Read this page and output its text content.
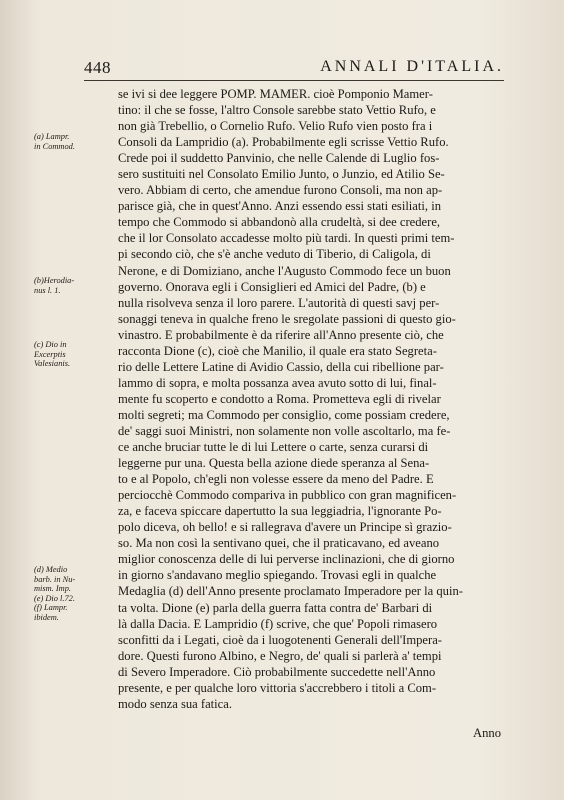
448	ANNALI D'ITALIA.
(a) Lampr.
in Commod.
(b)Herodia-
nus l. 1.
(c) Dio in
Excerptis
Valesianis.
(d) Medio
barb. in Nu-
mism. Imp.
(e) Dio l.72.
(f) Lampr.
ibidem.
se ivi si dee leggere POMP. MAMER. cioè Pomponio Mamer-
tino: il che se fosse, l'altro Console sarebbe stato Vettio Rufo, e
non già Trebellio, o Cornelio Rufo. Velio Rufo vien posto fra i
Consoli da Lampridio (a). Probabilmente egli scrisse Vettio Rufo.
Crede poi il suddetto Panvinio, che nelle Calende di Luglio fos-
sero sustituiti nel Consolato Emilio Junto, o Junzio, ed Atilio Se-
vero. Abbiam di certo, che amendue furono Consoli, ma non ap-
parisce già, che in quest'Anno. Anzi essendo essi stati esiliati, in
tempo che Commodo si abbandonò alla crudeltà, si dee credere,
che il lor Consolato accadesse molto più tardi. In questi primi tem-
pi secondo ciò, che s'è anche veduto di Tiberio, di Caligola, di
Nerone, e di Domiziano, anche l'Augusto Commodo fece un buon
governo. Onorava egli i Consiglieri ed Amici del Padre, (b) e
nulla risolveva senza il loro parere. L'autorità di questi savj per-
sonaggi teneva in qualche freno le sregolate passioni di questo gio-
vinastro. E probabilmente è da riferire all'Anno presente ciò, che
racconta Dione (c), cioè che Manilio, il quale era stato Segreta-
rio delle Lettere Latine di Avidio Cassio, della cui ribellione par-
lammo di sopra, e molta possanza avea avuto sotto di lui, final-
mente fu scoperto e condotto a Roma. Prometteva egli di rivelar
molti segreti; ma Commodo per consiglio, come possiam credere,
de' saggi suoi Ministri, non solamente non volle ascoltarlo, ma fe-
ce anche bruciar tutte le di lui Lettere o carte, senza curarsi di
leggerne pur una. Questa bella azione diede speranza al Sena-
to e al Popolo, ch'egli non volesse essere da meno del Padre. E
perciocchè Commodo compariva in pubblico con gran magnificen-
za, e faceva spiccare dapertutto la sua leggiadria, l'ignorante Po-
polo diceva, oh bello! e si rallegrava d'avere un Principe sì grazio-
so. Ma non così la sentivano quei, che il praticavano, ed aveano
miglior conoscenza delle di lui perverse inclinazioni, che di giorno
in giorno s'andavano meglio spiegando. Trovasi egli in qualche
Medaglia (d) dell'Anno presente proclamato Imperadore per la quin-
ta volta. Dione (e) parla della guerra fatta contra de' Barbari di
là dalla Dacia. E Lampridio (f) scrive, che que' Popoli rimasero
sconfitti da i Legati, cioè da i luogotenenti Generali dell'Impera-
dore. Questi furono Albino, e Negro, de' quali si parlerà a' tempi
di Severo Imperadore. Ciò probabilmente succedette nell'Anno
presente, e per qualche loro vittoria s'accrebbero i titoli a Com-
modo senza sua fatica.
Anno
